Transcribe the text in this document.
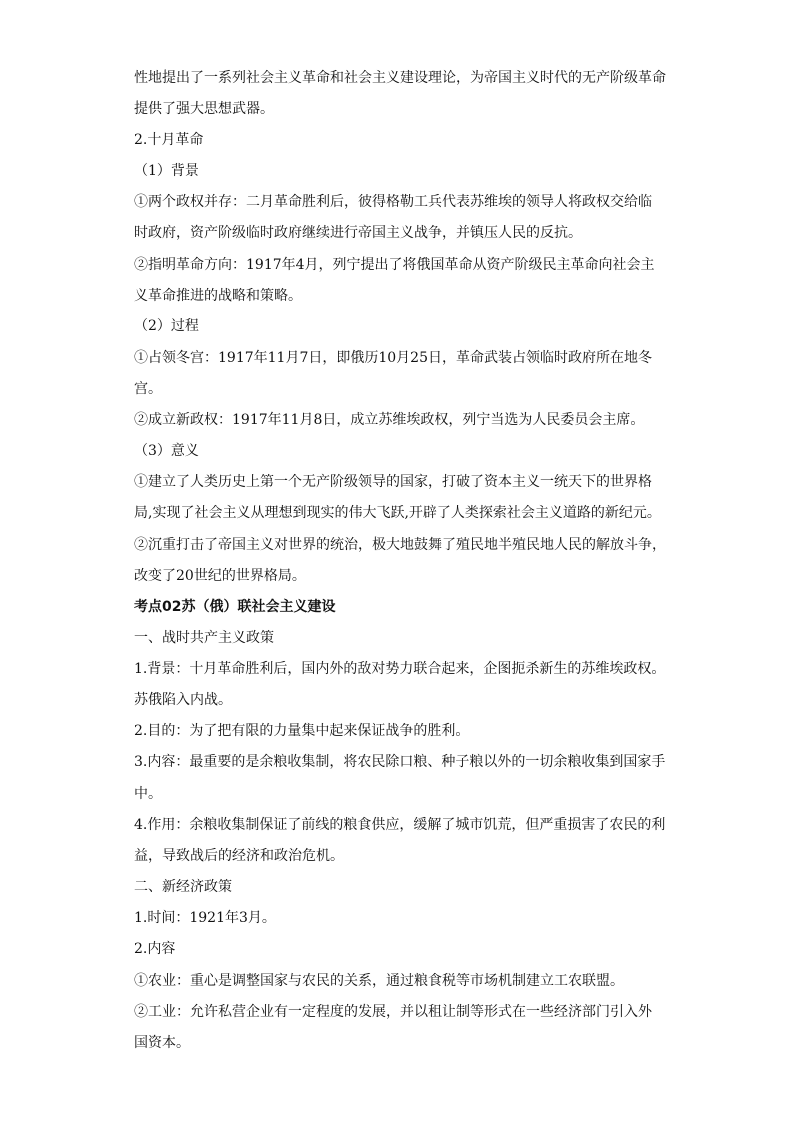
性地提出了一系列社会主义革命和社会主义建设理论，为帝国主义时代的无产阶级革命
提供了强大思想武器。
2.十月革命
（1）背景
①两个政权并存：二月革命胜利后，彼得格勒工兵代表苏维埃的领导人将政权交给临
时政府，资产阶级临时政府继续进行帝国主义战争，并镇压人民的反抗。
②指明革命方向：1917年4月，列宁提出了将俄国革命从资产阶级民主革命向社会主
义革命推进的战略和策略。
（2）过程
①占领冬宫：1917年11月7日，即俄历10月25日，革命武装占领临时政府所在地冬
宫。
②成立新政权：1917年11月8日，成立苏维埃政权，列宁当选为人民委员会主席。
（3）意义
①建立了人类历史上第一个无产阶级领导的国家，打破了资本主义一统天下的世界格
局,实现了社会主义从理想到现实的伟大飞跃,开辟了人类探索社会主义道路的新纪元。
②沉重打击了帝国主义对世界的统治，极大地鼓舞了殖民地半殖民地人民的解放斗争，
改变了20世纪的世界格局。
考点02苏（俄）联社会主义建设
一、战时共产主义政策
1.背景：十月革命胜利后，国内外的敌对势力联合起来，企图扼杀新生的苏维埃政权。
苏俄陷入内战。
2.目的：为了把有限的力量集中起来保证战争的胜利。
3.内容：最重要的是余粮收集制，将农民除口粮、种子粮以外的一切余粮收集到国家手
中。
4.作用：余粮收集制保证了前线的粮食供应，缓解了城市饥荒，但严重损害了农民的利
益，导致战后的经济和政治危机。
二、新经济政策
1.时间：1921年3月。
2.内容
①农业：重心是调整国家与农民的关系，通过粮食税等市场机制建立工农联盟。
②工业：允许私营企业有一定程度的发展，并以租让制等形式在一些经济部门引入外
国资本。
